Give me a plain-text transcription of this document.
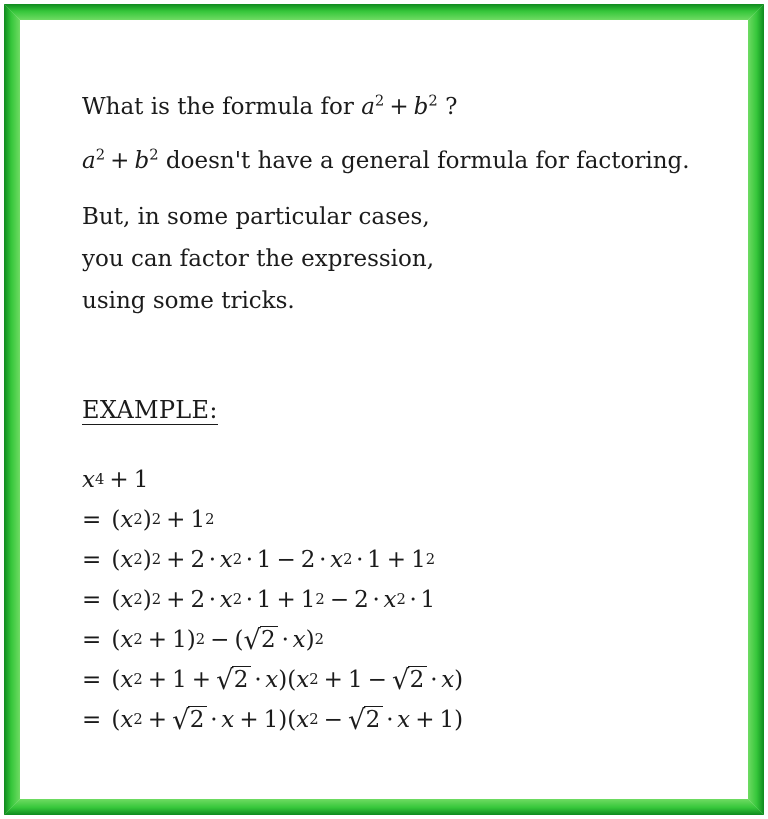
What is the formula for $a^2 + b^2$ ?
$a^2 + b^2$ doesn't have a general formula for factoring.
But, in some particular cases,
you can factor the expression,
using some tricks.
EXAMPLE:
x 4 + 1
= ( x 2 ) 2 + 1 2
= ( x 2 ) 2 + 2 · x 2 · 1 − 2 · x 2 · 1 + 1 2
= ( x 2 ) 2 + 2 · x 2 · 1 + 1 2 − 2 · x 2 · 1
= ( x 2 + 1 ) 2 − ( √2 · x ) 2
= ( x 2 + 1 + √2 · x ) ( x 2 + 1 − √2 · x )
= ( x 2 + √2 · x + 1 ) ( x 2 − √2 · x + 1 )
